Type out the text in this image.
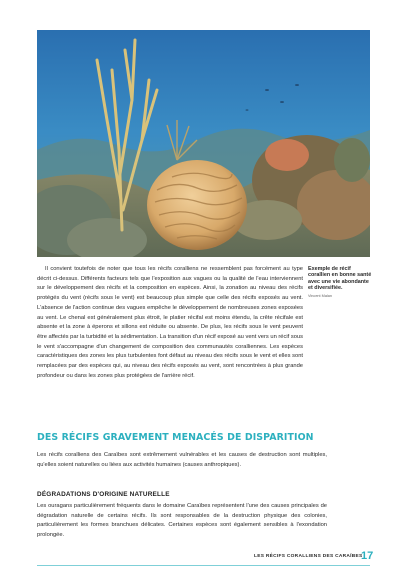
Exemple de récif corallien en bonne santé avec une vie abondante et diversifiée.
Vincent Malan

Il convient toutefois de noter que tous les récifs coralliens ne ressemblent pas forcément au type décrit ci-dessus. Différents facteurs tels que l'exposition aux vagues ou la qualité de l'eau interviennent sur le développement des récifs et la composition en espèces. Ainsi, la zonation au niveau des récifs protégés du vent (récifs sous le vent) est beaucoup plus simple que celle des récifs exposés au vent. L'absence de l'action continue des vagues empêche le développement de nombreuses zones exposées au vent. Le chenal est généralement plus étroit, le platier récifal est moins étendu, la crête récifale est absente et la zone à éperons et sillons est réduite ou absente. De plus, les récifs sous le vent peuvent être affectés par la turbidité et la sédimentation. La transition d'un récif exposé au vent vers un récif sous le vent s'accompagne d'un changement de composition des communautés coralliennes. Les espèces caractéristiques des zones les plus turbulentes font défaut au niveau des récifs sous le vent et elles sont remplacées par des espèces qui, au niveau des récifs exposés au vent, sont rencontrées à plus grande profondeur ou dans les zones plus protégées de l'arrière récif.

DES RÉCIFS GRAVEMENT MENACÉS DE DISPARITION

Les récifs coralliens des Caraïbes sont extrêmement vulnérables et les causes de destruction sont multiples, qu'elles soient naturelles ou liées aux activités humaines (causes anthropiques).

DÉGRADATIONS D'ORIGINE NATURELLE

Les ouragans particulièrement fréquents dans le domaine Caraïbes représentent l'une des causes principales de dégradation naturelle de certains récifs. Ils sont responsables de la destruction physique des colonies, particulièrement les formes branchues délicates. Certaines espèces sont également sensibles à l'exondation prolongée.

LES RÉCIFS CORALLIENS DES CARAÏBES
17
